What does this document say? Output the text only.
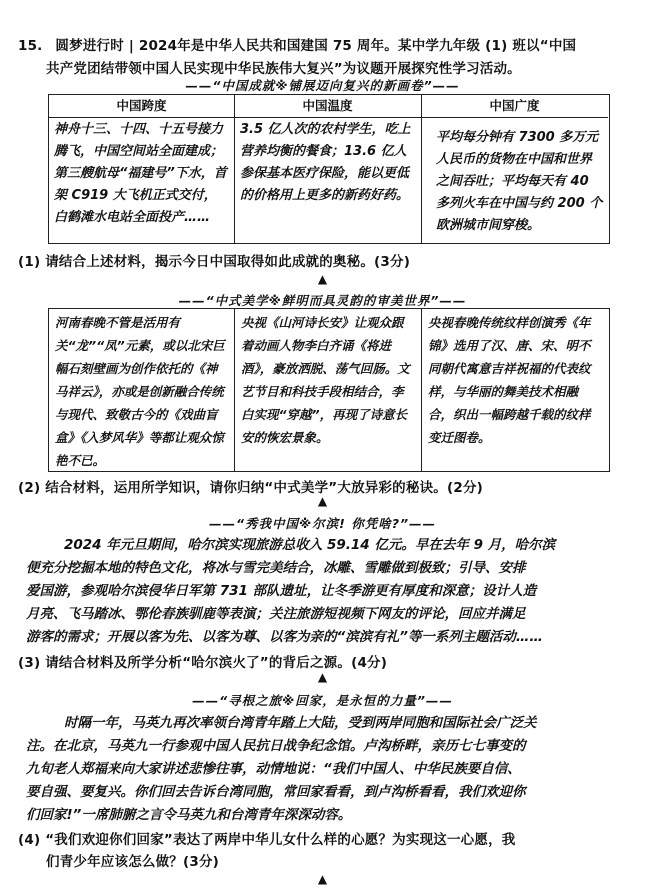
15. 圆梦进行时 | 2024年是中华人民共和国建国 75 周年。某中学九年级 (1) 班以“中国
共产党团结带领中国人民实现中华民族伟大复兴”为议题开展探究性学习活动。
——“中国成就※铺展迈向复兴的新画卷”——
中国跨度	中国温度	中国广度
神舟十三、十四、十五号接力腾飞，中国空间站全面建成；第三艘航母“福建号”下水，首架 C919 大飞机正式交付，白鹤滩水电站全面投产……
3.5 亿人次的农村学生，吃上营养均衡的餐食；13.6 亿人参保基本医疗保险，能以更低的价格用上更多的新药好药。
平均每分钟有 7300 多万元人民币的货物在中国和世界之间吞吐；平均每天有 40 多列火车在中国与约 200 个欧洲城市间穿梭。
(1) 请结合上述材料，揭示今日中国取得如此成就的奥秘。(3分)
▲
——“中式美学※鲜明而具灵韵的审美世界”——
河南春晚不管是活用有关“龙”“凤”元素，或以北宋巨幅石刻壁画为创作依托的《神马祥云》，亦或是创新融合传统与现代、致敬古今的《戏曲盲盒》《入梦风华》等都让观众惊艳不已。
央视《山河诗长安》让观众跟着动画人物李白齐诵《将进酒》，豪放洒脱、荡气回肠。文艺节目和科技手段相结合，李白实现“穿越”，再现了诗意长安的恢宏景象。
央视春晚传统纹样创演秀《年锦》选用了汉、唐、宋、明不同朝代寓意吉祥祝福的代表纹样，与华丽的舞美技术相融合，织出一幅跨越千载的纹样变迁图卷。
(2) 结合材料，运用所学知识，请你归纳“中式美学”大放异彩的秘诀。(2分)
▲
——“秀我中国※尔滨! 你凭啥?”——
2024 年元旦期间，哈尔滨实现旅游总收入 59.14 亿元。早在去年 9 月，哈尔滨
便充分挖掘本地的特色文化，将冰与雪完美结合，冰雕、雪雕做到极致；引导、安排
爱国游，参观哈尔滨侵华日军第 731 部队遗址，让冬季游更有厚度和深意；设计人造
月亮、飞马踏冰、鄂伦春族驯鹿等表演；关注旅游短视频下网友的评论，回应并满足
游客的需求；开展以客为先、以客为尊、以客为亲的“滨滨有礼”等一系列主题活动……
(3) 请结合材料及所学分析“哈尔滨火了”的背后之源。(4分)
▲
——“寻根之旅※回家，是永恒的力量”——
时隔一年，马英九再次率领台湾青年踏上大陆，受到两岸同胞和国际社会广泛关
注。在北京，马英九一行参观中国人民抗日战争纪念馆。卢沟桥畔，亲历七七事变的
九旬老人郑福来向大家讲述悲惨往事，动情地说：“我们中国人、中华民族要自信、
要自强、要复兴。你们回去告诉台湾同胞，常回家看看，到卢沟桥看看，我们欢迎你
们回家!”一席肺腑之言令马英九和台湾青年深深动容。
(4) “我们欢迎你们回家”表达了两岸中华儿女什么样的心愿？为实现这一心愿，我
们青少年应该怎么做？(3分)
▲
